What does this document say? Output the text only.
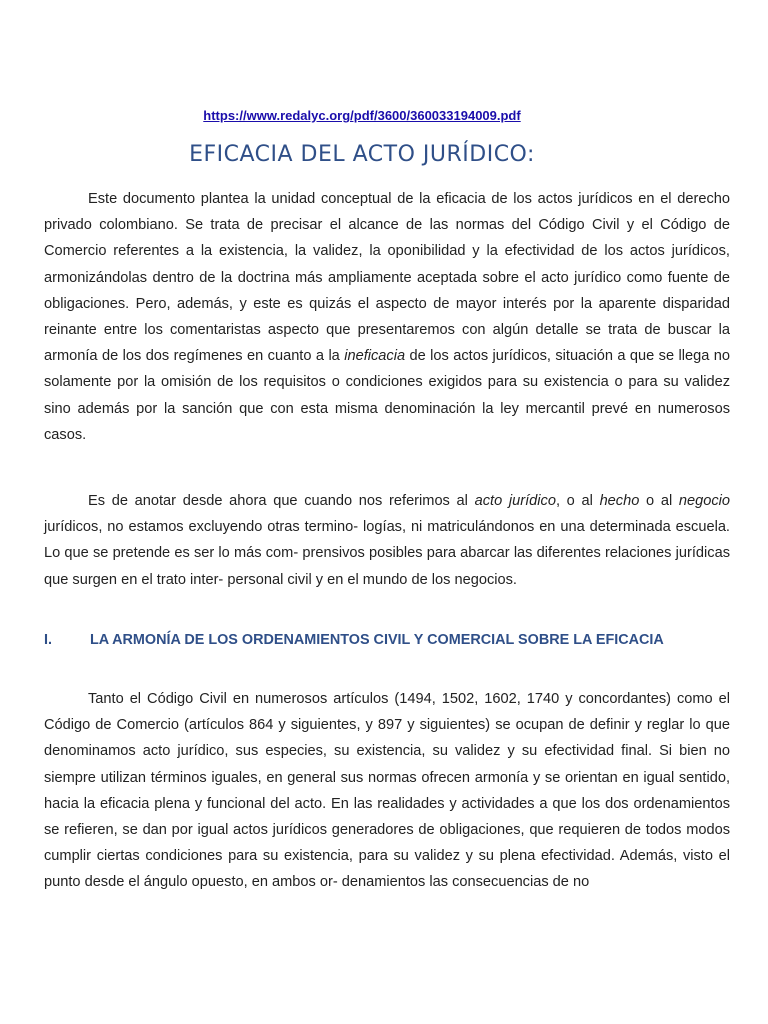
https://www.redalyc.org/pdf/3600/360033194009.pdf
EFICACIA DEL ACTO JURÍDICO:

Este documento plantea la unidad conceptual de la eficacia de los actos jurídicos en el derecho privado colombiano. Se trata de precisar el alcance de las normas del Código Civil y el Código de Comercio referentes a la existencia, la validez, la oponibilidad y la efectividad de los actos jurídicos, armonizándolas dentro de la doctrina más ampliamente aceptada sobre el acto jurídico como fuente de obligaciones. Pero, además, y este es quizás el aspecto de mayor interés por la aparente disparidad reinante entre los comentaristas aspecto que presentaremos con algún detalle se trata de buscar la armonía de los dos regímenes en cuanto a la ineficacia de los actos jurídicos, situación a que se llega no solamente por la omisión de los requisitos o condiciones exigidos para su existencia o para su validez sino además por la sanción que con esta misma denominación la ley mercantil prevé en numerosos casos.

Es de anotar desde ahora que cuando nos referimos al acto jurídico, o al hecho o al negocio jurídicos, no estamos excluyendo otras termino- logías, ni matriculándonos en una determinada escuela. Lo que se pretende es ser lo más com- prensivos posibles para abarcar las diferentes relaciones jurídicas que surgen en el trato inter- personal civil y en el mundo de los negocios.

I.	LA ARMONÍA DE LOS ORDENAMIENTOS CIVIL Y COMERCIAL SOBRE LA EFICACIA

Tanto el Código Civil en numerosos artículos (1494, 1502, 1602, 1740 y concordantes) como el Código de Comercio (artículos 864 y siguientes, y 897 y siguientes) se ocupan de definir y reglar lo que denominamos acto jurídico, sus especies, su existencia, su validez y su efectividad final. Si bien no siempre utilizan términos iguales, en general sus normas ofrecen armonía y se orientan en igual sentido, hacia la eficacia plena y funcional del acto. En las realidades y actividades a que los dos ordenamientos se refieren, se dan por igual actos jurídicos generadores de obligaciones, que requieren de todos modos cumplir ciertas condiciones para su existencia, para su validez y su plena efectividad. Además, visto el punto desde el ángulo opuesto, en ambos or- denamientos las consecuencias de no
